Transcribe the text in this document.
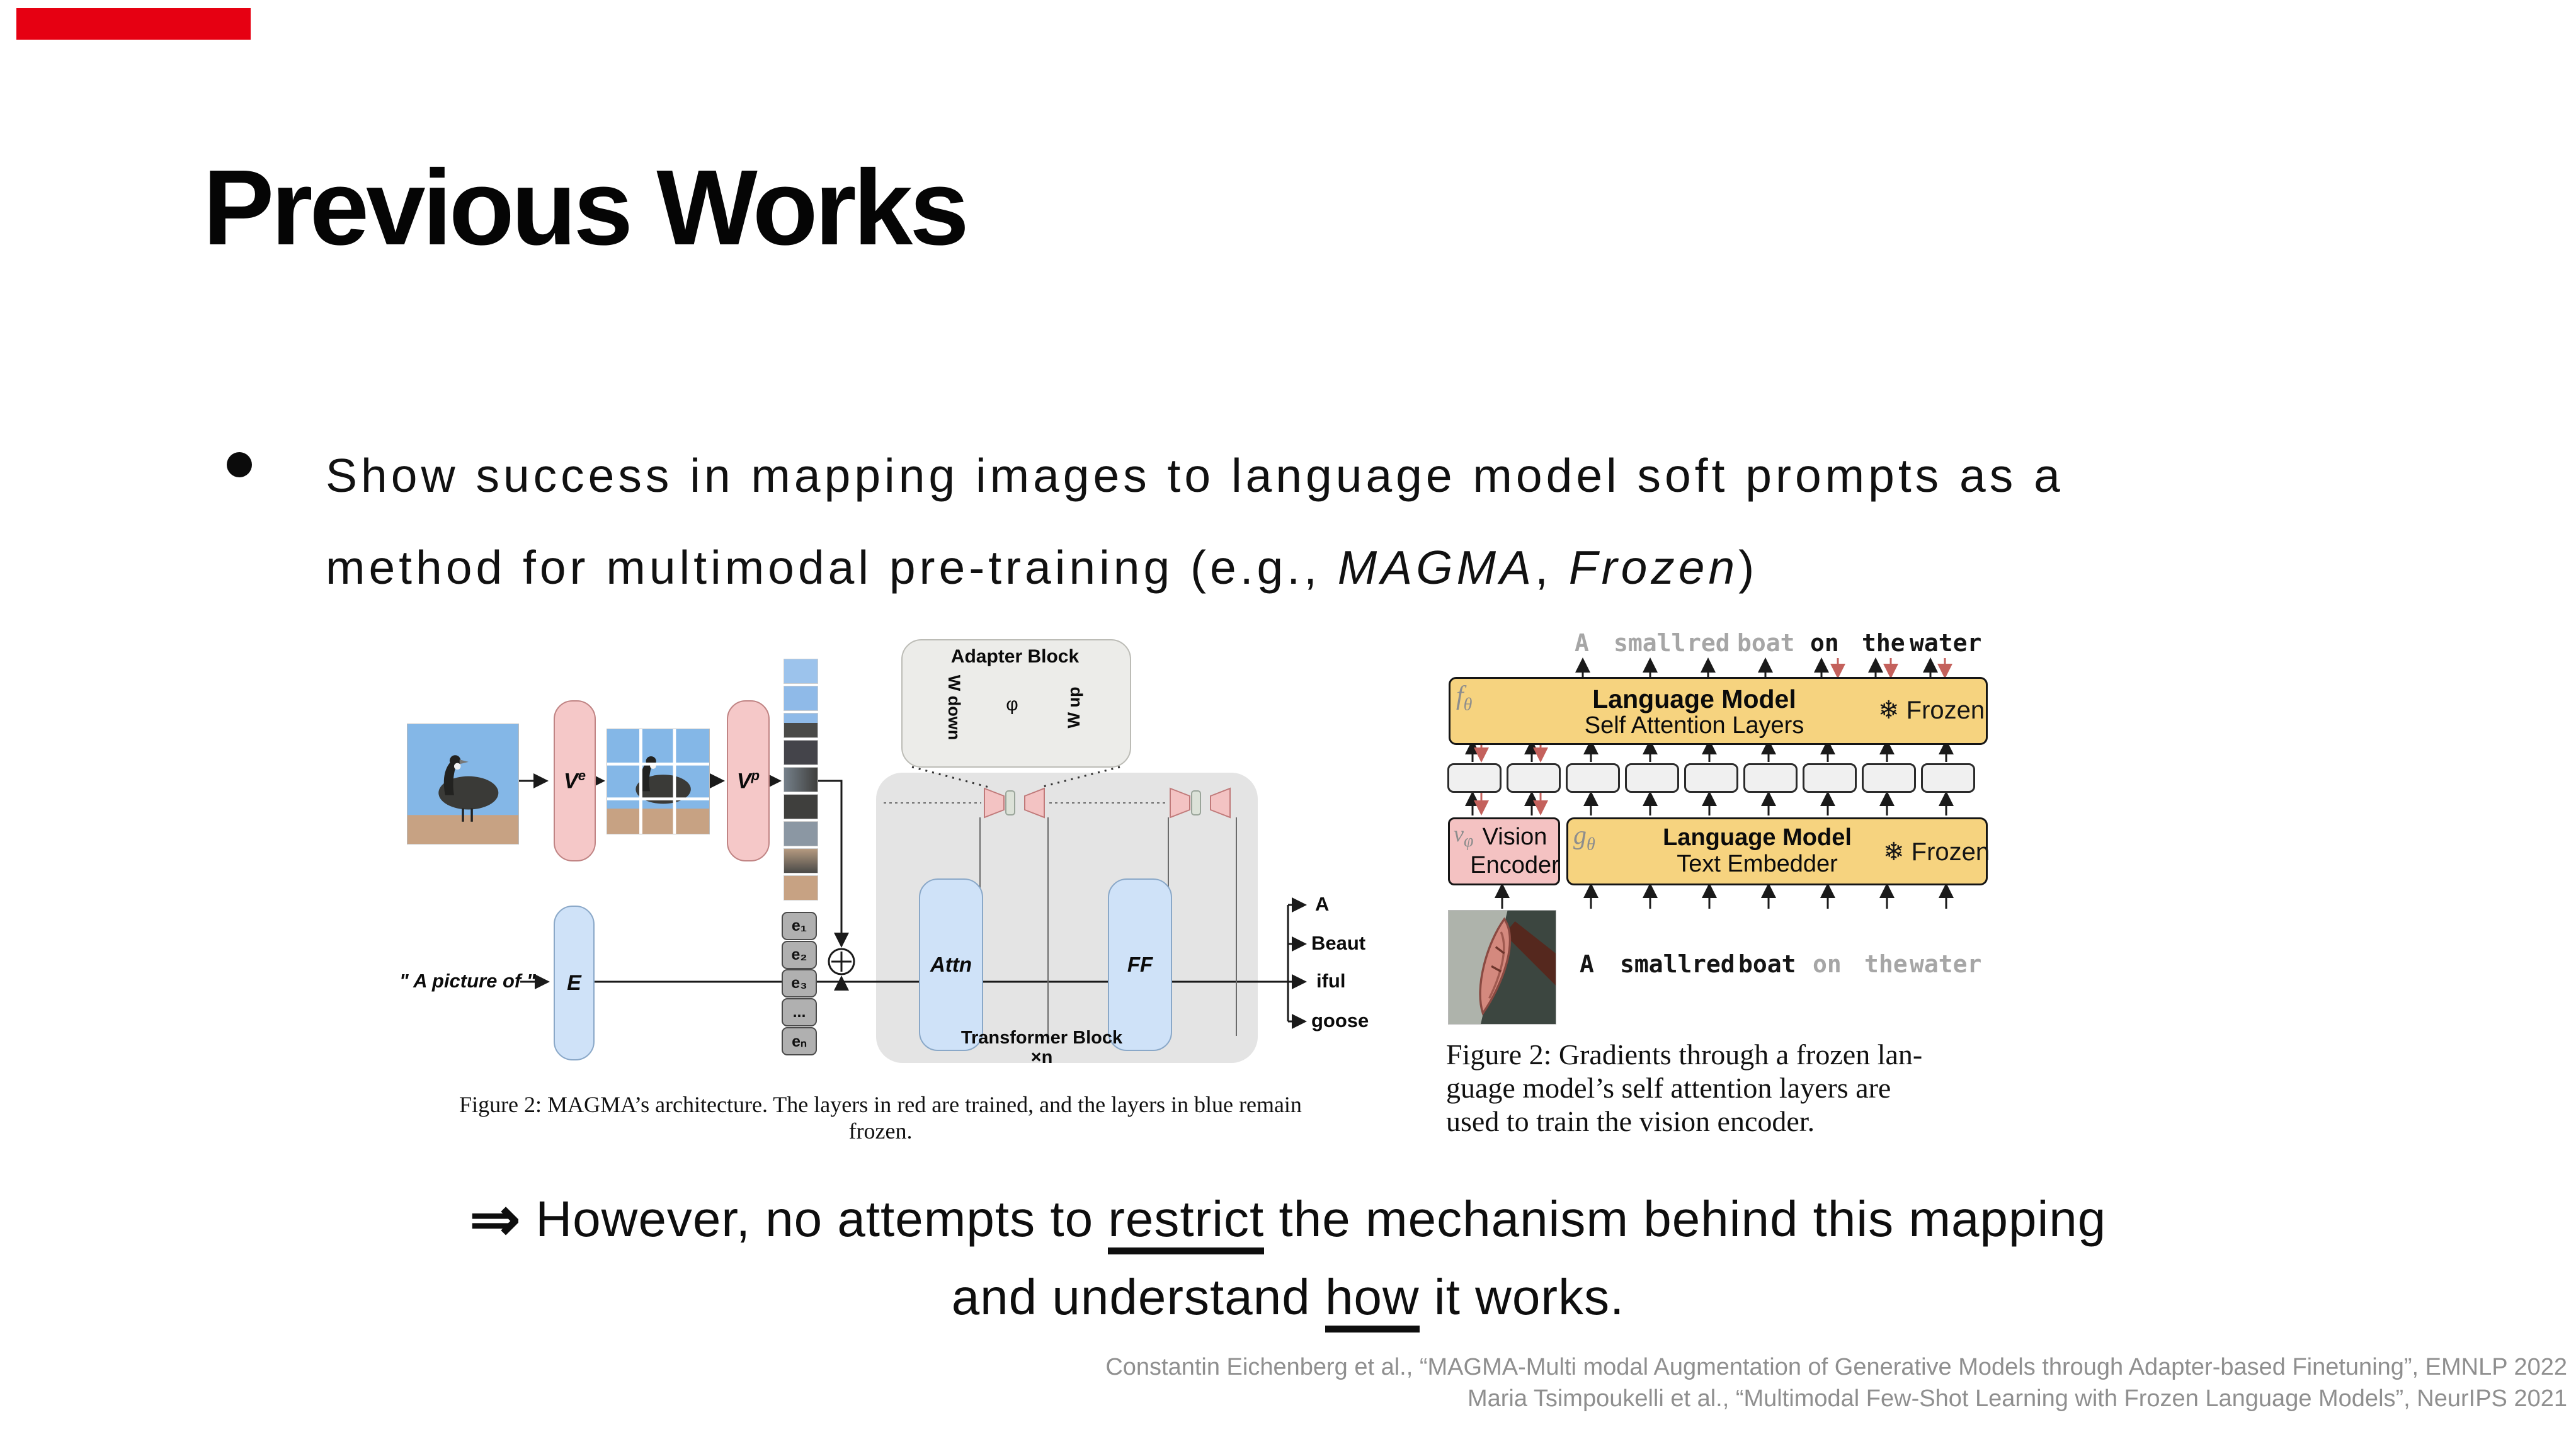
Previous Works
Show success in mapping images to language model soft prompts as a
method for multimodal pre-training (e.g., MAGMA, Frozen)
Ve	$V^p$
Adapter Block
W down	φ	W up
Attn	FF
Transformer Block
×n
" A picture of "	E
e₁
e₂
e₃
...
eₙ
A
Beaut
iful
goose
Figure 2: MAGMA’s architecture. The layers in red are trained, and the layers in blue remain frozen.
A small red boat on the water
$f_\theta$	Language Model
Self Attention Layers
❄ Frozen
$v_\varphi$ Vision
Encoder
$g_\theta$	Language Model
Text Embedder	❄ Frozen
A small red boat on the water
Figure 2: Gradients through a frozen lan-
guage model’s self attention layers are
used to train the vision encoder.
⇒ However, no attempts to restrict the mechanism behind this mapping
and understand how it works.
Constantin Eichenberg et al., “MAGMA-Multi modal Augmentation of Generative Models through Adapter-based Finetuning”, EMNLP 2022
Maria Tsimpoukelli et al., “Multimodal Few-Shot Learning with Frozen Language Models”, NeurIPS 2021
